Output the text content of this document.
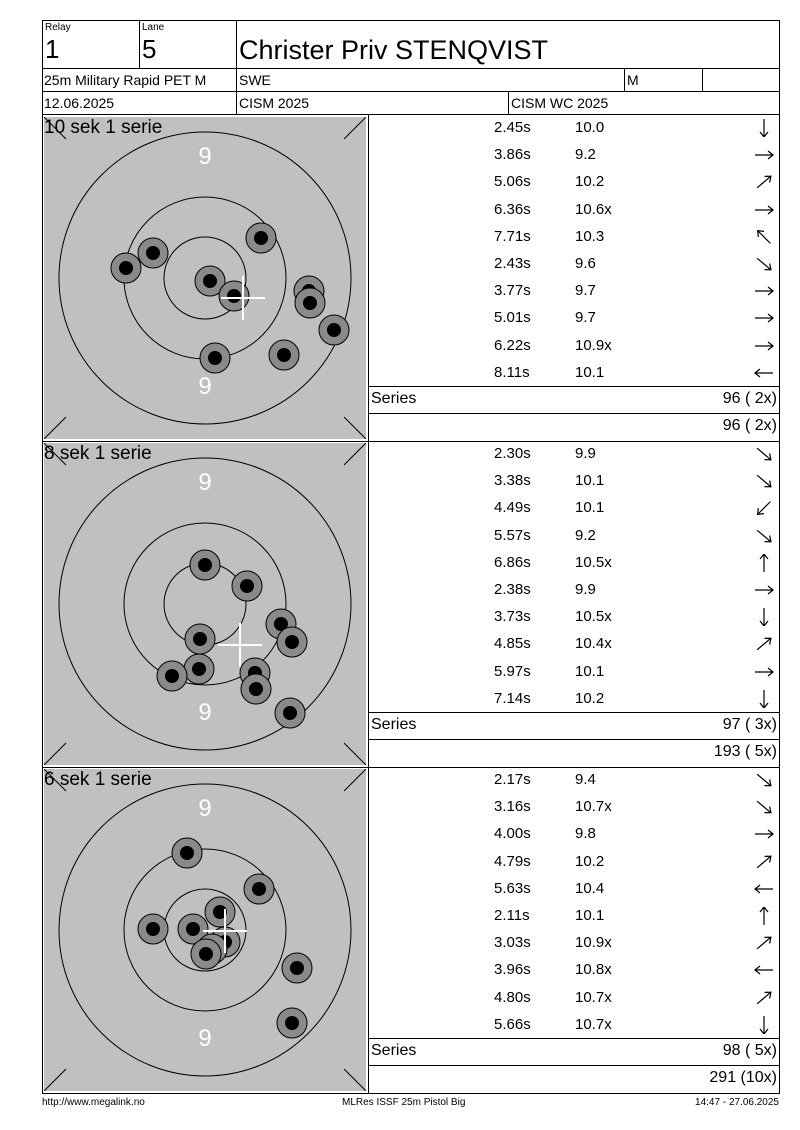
Relay
1
Lane
5	Christer Priv STENQVIST
25m Military Rapid PET M SWE	M
12.06.2025	CISM 2025	CISM WC 2025
9
9
10 sek 1 serie	2.45s	10.0
3.86s	9.2
5.06s	10.2
6.36s	10.6x
7.71s	10.3
2.43s	9.6
3.77s	9.7
5.01s	9.7
6.22s	10.9x
8.11s	10.1
Series	96 ( 2x)
96 ( 2x)
9
9
8 sek 1 serie	2.30s	9.9
3.38s	10.1
4.49s	10.1
5.57s	9.2
6.86s	10.5x
2.38s	9.9
3.73s	10.5x
4.85s	10.4x
5.97s	10.1
7.14s	10.2
Series	97 ( 3x)
193 ( 5x)
9
9
6 sek 1 serie	2.17s	9.4
3.16s	10.7x
4.00s	9.8
4.79s	10.2
5.63s	10.4
2.11s	10.1
3.03s	10.9x
3.96s	10.8x
4.80s	10.7x
5.66s	10.7x
Series	98 ( 5x)
291 (10x)
http://www.megalink.no	MLRes ISSF 25m Pistol Big	14:47 - 27.06.2025
